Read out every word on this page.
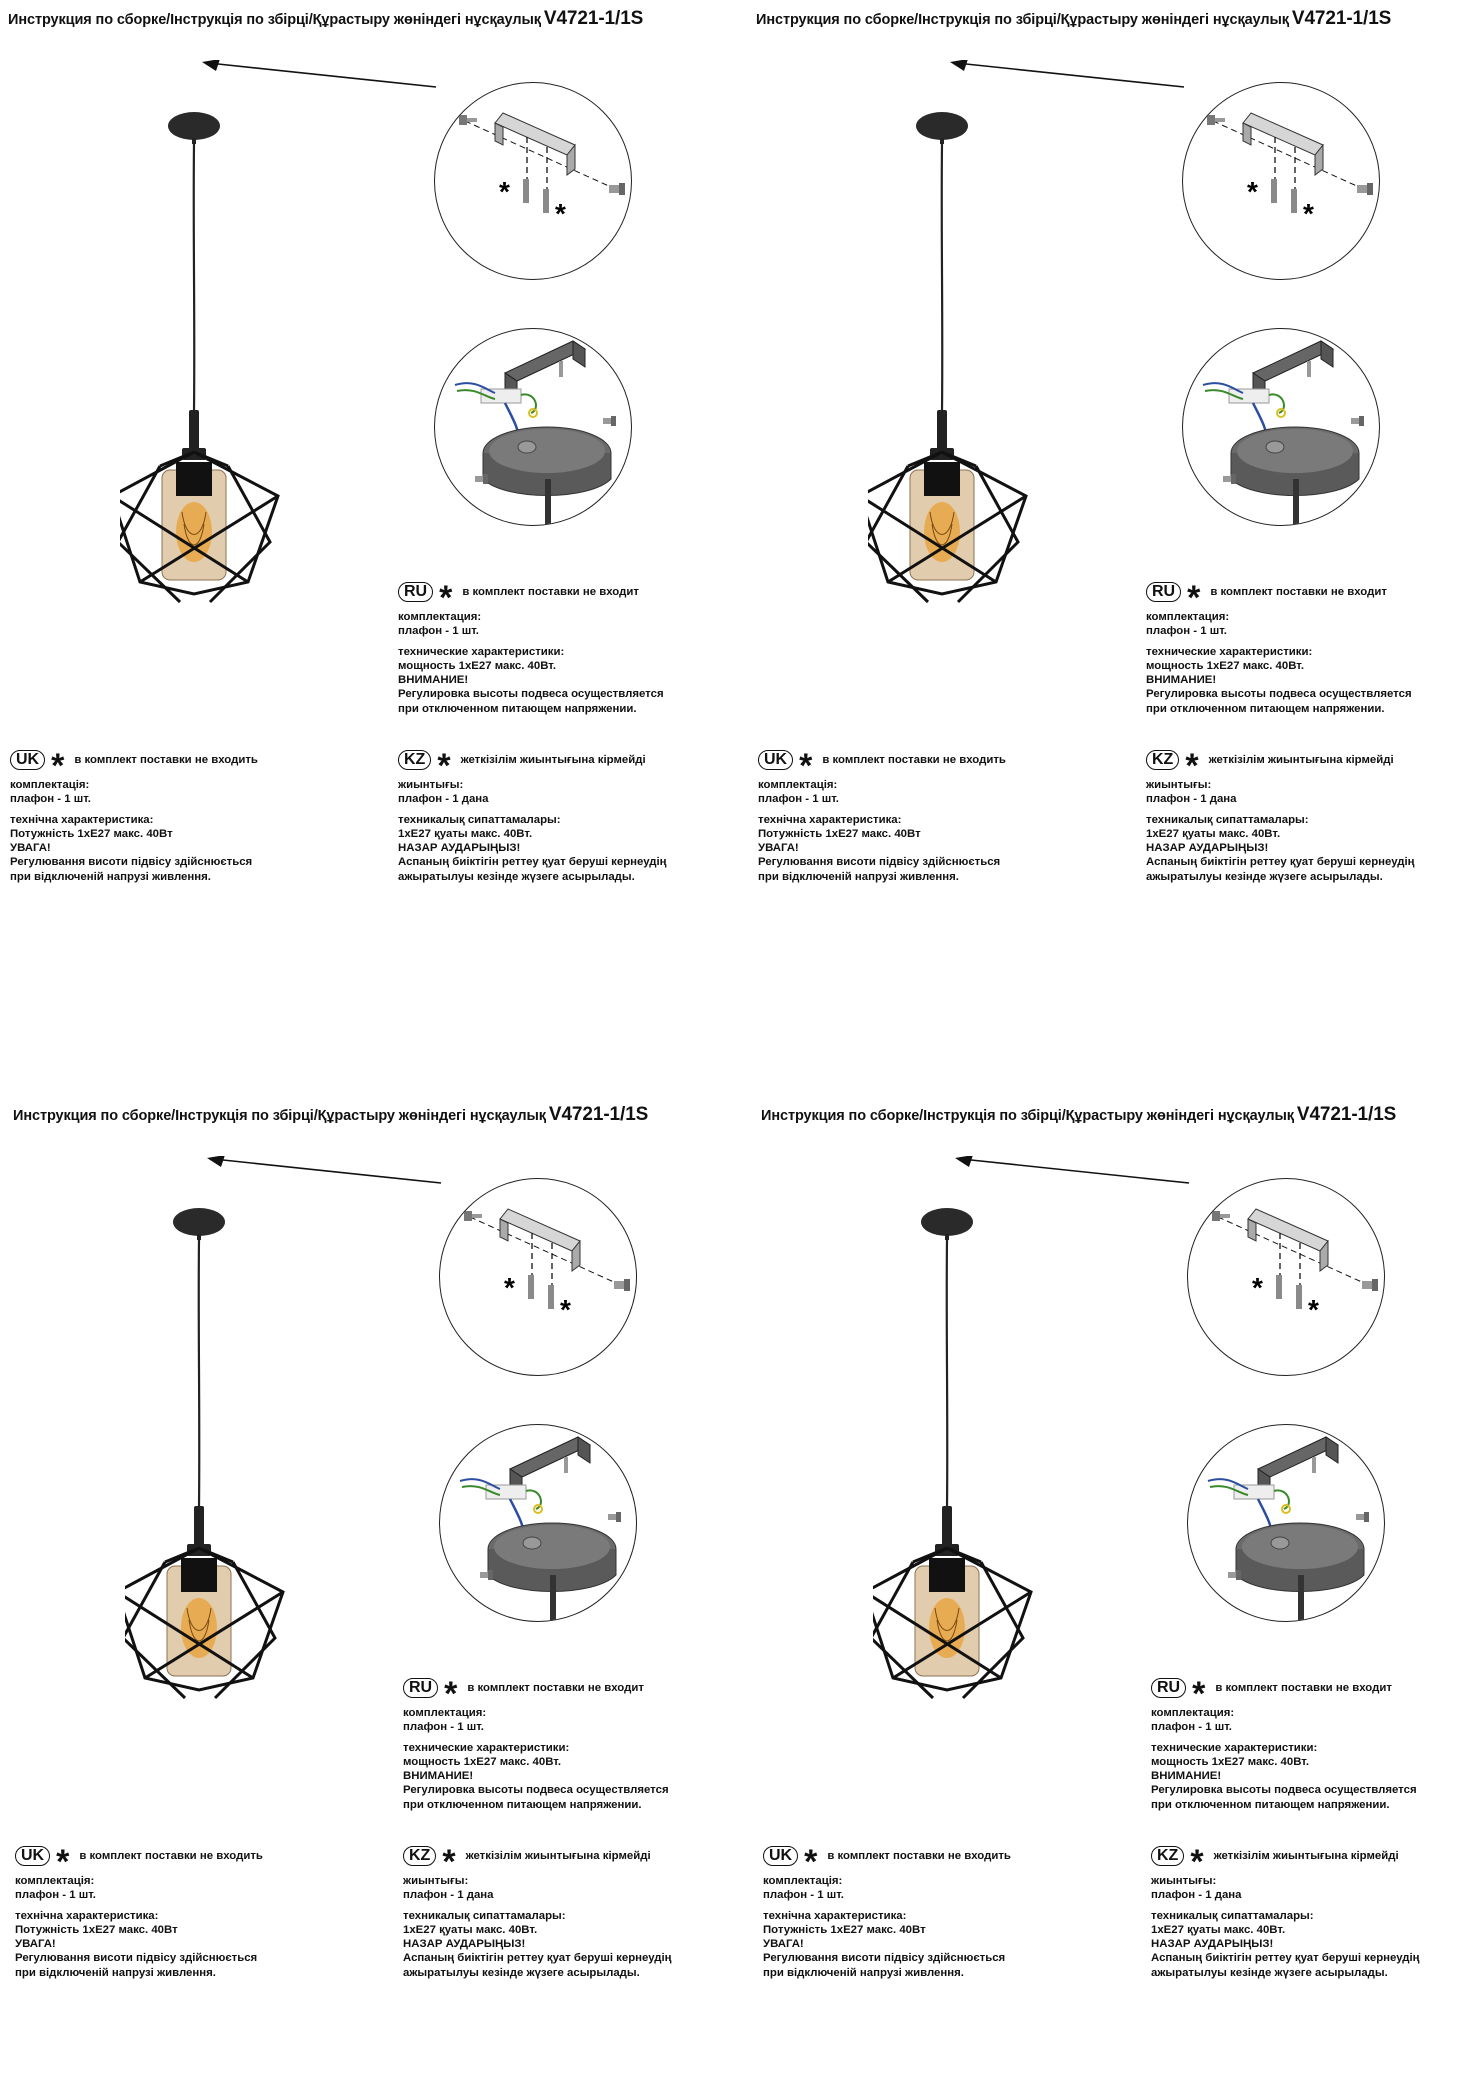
Инструкция по сборке/Інструкція по збірці/Құрастыру жөніндегі нұсқаулық V4721-1/1S
*
*
RU * в комплект поставки не входит
комплектация:
плафон - 1 шт.
технические характеристики:
мощность 1хЕ27 макс. 40Вт.
ВНИМАНИЕ!
Регулировка высоты подвеса осуществляется
при отключенном питающем напряжении.
UK * в комплект поставки не входить
комплектація:
плафон - 1 шт.
технічна характеристика:
Потужність 1хЕ27 макс. 40Вт
УВАГА!
Регулювання висоти підвісу здійснюється
при відключеній напрузі живлення.
KZ * жеткізілім жиынтығына кірмейді
жиынтығы:
плафон - 1 дана
техникалық сипаттамалары:
1хЕ27 қуаты макс. 40Вт.
НАЗАР АУДАРЫҢЫЗ!
Аспаның биіктігін реттеу қуат беруші кернеудің
ажыратылуы кезінде жүзеге асырылады.
Инструкция по сборке/Інструкція по збірці/Құрастыру жөніндегі нұсқаулық V4721-1/1S
*
*
RU * в комплект поставки не входит
комплектация:
плафон - 1 шт.
технические характеристики:
мощность 1хЕ27 макс. 40Вт.
ВНИМАНИЕ!
Регулировка высоты подвеса осуществляется
при отключенном питающем напряжении.
UK * в комплект поставки не входить
комплектація:
плафон - 1 шт.
технічна характеристика:
Потужність 1хЕ27 макс. 40Вт
УВАГА!
Регулювання висоти підвісу здійснюється
при відключеній напрузі живлення.
KZ * жеткізілім жиынтығына кірмейді
жиынтығы:
плафон - 1 дана
техникалық сипаттамалары:
1хЕ27 қуаты макс. 40Вт.
НАЗАР АУДАРЫҢЫЗ!
Аспаның биіктігін реттеу қуат беруші кернеудің
ажыратылуы кезінде жүзеге асырылады.
Инструкция по сборке/Інструкція по збірці/Құрастыру жөніндегі нұсқаулық V4721-1/1S
*
*
RU * в комплект поставки не входит
комплектация:
плафон - 1 шт.
технические характеристики:
мощность 1хЕ27 макс. 40Вт.
ВНИМАНИЕ!
Регулировка высоты подвеса осуществляется
при отключенном питающем напряжении.
UK * в комплект поставки не входить
комплектація:
плафон - 1 шт.
технічна характеристика:
Потужність 1хЕ27 макс. 40Вт
УВАГА!
Регулювання висоти підвісу здійснюється
при відключеній напрузі живлення.
KZ * жеткізілім жиынтығына кірмейді
жиынтығы:
плафон - 1 дана
техникалық сипаттамалары:
1хЕ27 қуаты макс. 40Вт.
НАЗАР АУДАРЫҢЫЗ!
Аспаның биіктігін реттеу қуат беруші кернеудің
ажыратылуы кезінде жүзеге асырылады.
Инструкция по сборке/Інструкція по збірці/Құрастыру жөніндегі нұсқаулық V4721-1/1S
*
*
RU * в комплект поставки не входит
комплектация:
плафон - 1 шт.
технические характеристики:
мощность 1хЕ27 макс. 40Вт.
ВНИМАНИЕ!
Регулировка высоты подвеса осуществляется
при отключенном питающем напряжении.
UK * в комплект поставки не входить
комплектація:
плафон - 1 шт.
технічна характеристика:
Потужність 1хЕ27 макс. 40Вт
УВАГА!
Регулювання висоти підвісу здійснюється
при відключеній напрузі живлення.
KZ * жеткізілім жиынтығына кірмейді
жиынтығы:
плафон - 1 дана
техникалық сипаттамалары:
1хЕ27 қуаты макс. 40Вт.
НАЗАР АУДАРЫҢЫЗ!
Аспаның биіктігін реттеу қуат беруші кернеудің
ажыратылуы кезінде жүзеге асырылады.
